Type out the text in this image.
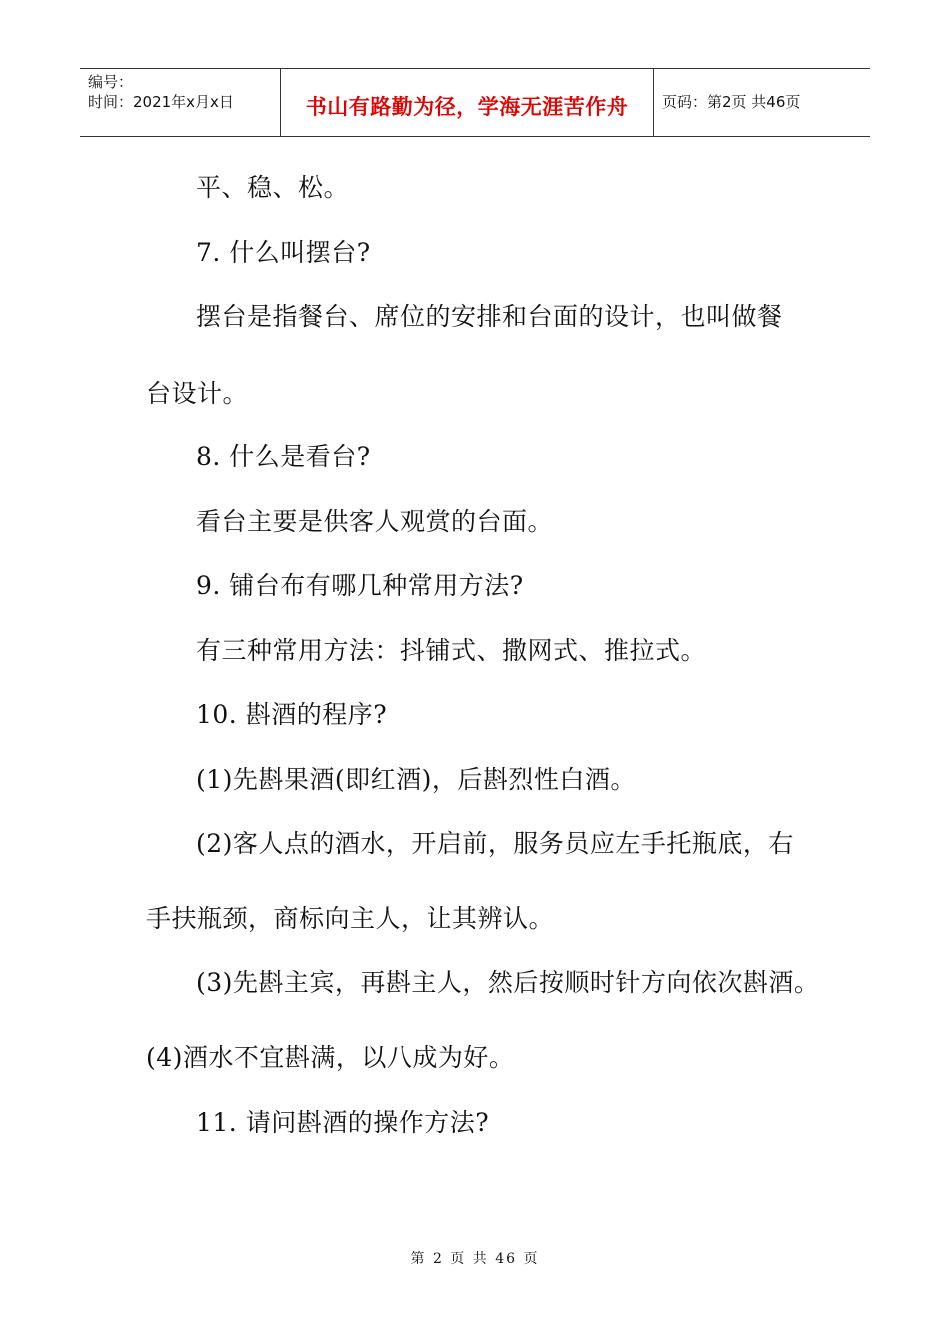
编号：
时间：2021年x月x日	书山有路勤为径，学海无涯苦作舟	页码：第2页 共46页
平、稳、松。
7. 什么叫摆台?
摆台是指餐台、席位的安排和台面的设计，也叫做餐
台设计。
8. 什么是看台?
看台主要是供客人观赏的台面。
9. 铺台布有哪几种常用方法?
有三种常用方法：抖铺式、撒网式、推拉式。
10. 斟酒的程序?
(1)先斟果酒(即红酒)，后斟烈性白酒。
(2)客人点的酒水，开启前，服务员应左手托瓶底，右
手扶瓶颈，商标向主人，让其辨认。
(3)先斟主宾，再斟主人，然后按顺时针方向依次斟酒。
(4)酒水不宜斟满，以八成为好。
11. 请问斟酒的操作方法?
第 2 页 共 46 页
